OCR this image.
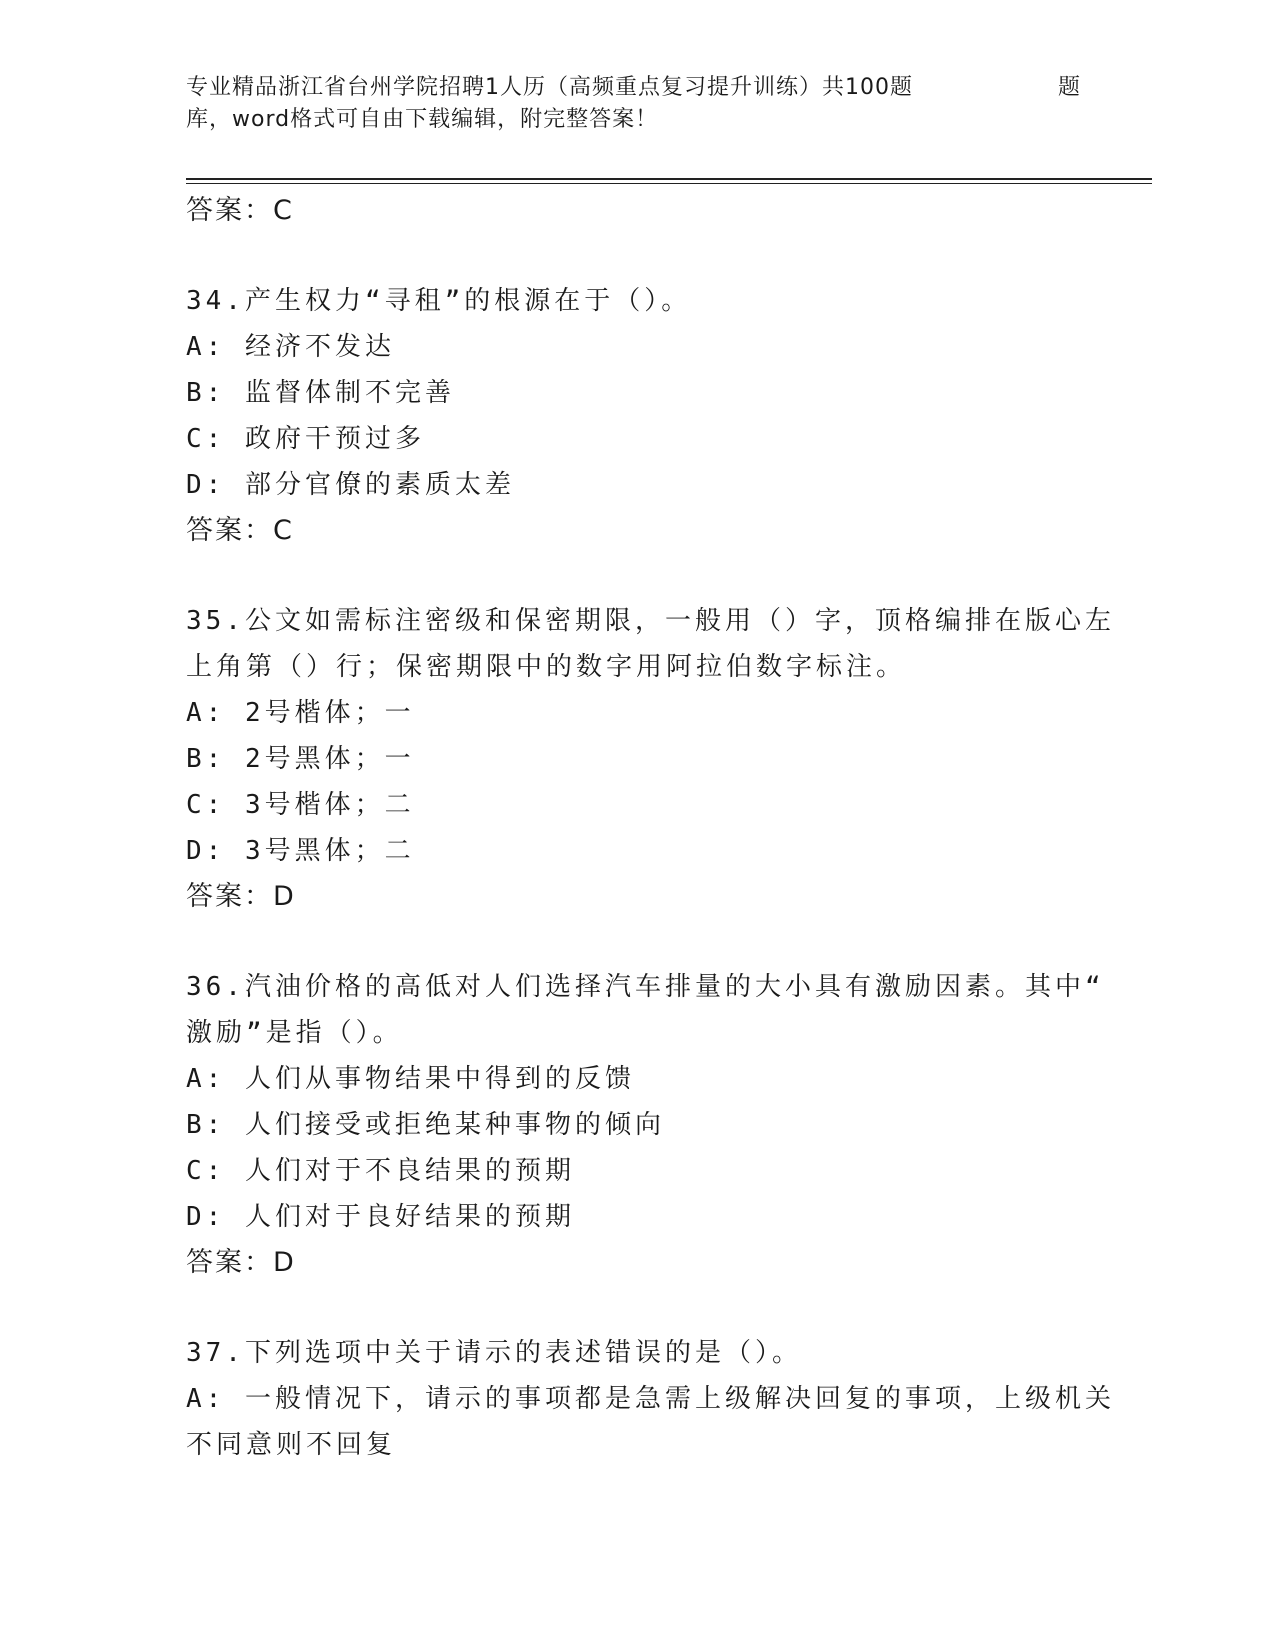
专业精品浙江省台州学院招聘1人历（高频重点复习提升训练）共100题	题
库，word格式可自由下载编辑，附完整答案！
答案：C
34.产生权力“寻租”的根源在于（）。
A: 经济不发达
B: 监督体制不完善
C: 政府干预过多
D: 部分官僚的素质太差
答案：C
35.公文如需标注密级和保密期限，一般用（）字，顶格编排在版心左
上角第（）行；保密期限中的数字用阿拉伯数字标注。
A: 2号楷体；一
B: 2号黑体；一
C: 3号楷体；二
D: 3号黑体；二
答案：D
36.汽油价格的高低对人们选择汽车排量的大小具有激励因素。其中“
激励”是指（）。
A: 人们从事物结果中得到的反馈
B: 人们接受或拒绝某种事物的倾向
C: 人们对于不良结果的预期
D: 人们对于良好结果的预期
答案：D
37.下列选项中关于请示的表述错误的是（）。
A: 一般情况下，请示的事项都是急需上级解决回复的事项，上级机关
不同意则不回复
